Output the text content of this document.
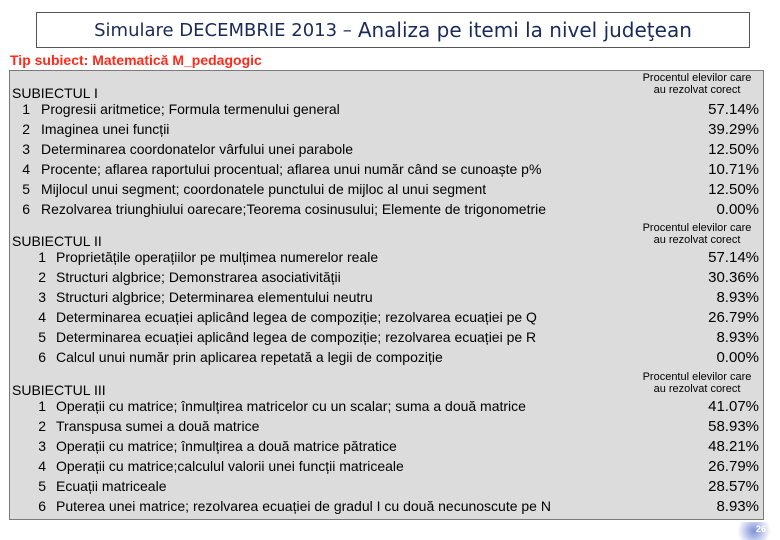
Simulare DECEMBRIE 2013 – Analiza pe itemi la nivel judeţean
Tip subiect: Matematică M_pedagogic
Procentul elevilor care
au rezolvat corect
SUBIECTUL I
1 Progresii aritmetice; Formula termenului general	57.14%
2 Imaginea unei funcții	39.29%
3 Determinarea coordonatelor vârfului unei parabole	12.50%
4 Procente; aflarea raportului procentual; aflarea unui număr când se cunoaște p%	10.71%
5 Mijlocul unui segment; coordonatele punctului de mijloc al unui segment	12.50%
6 Rezolvarea triunghiului oarecare;Teorema cosinusului; Elemente de trigonometrie	0.00%
Procentul elevilor care
au rezolvat corect
SUBIECTUL II
1 Proprietățile operațiilor pe mulțimea numerelor reale	57.14%
2 Structuri algbrice; Demonstrarea asociativității	30.36%
3 Structuri algbrice; Determinarea elementului neutru	8.93%
4 Determinarea ecuației aplicând legea de compoziție; rezolvarea ecuației pe Q	26.79%
5 Determinarea ecuației aplicând legea de compoziție; rezolvarea ecuației pe R	8.93%
6 Calcul unui număr prin aplicarea repetată a legii de compoziție	0.00%
Procentul elevilor care
au rezolvat corect
SUBIECTUL III
1 Operații cu matrice; înmulțirea matricelor cu un scalar; suma a două matrice	41.07%
2 Transpusa sumei a două matrice	58.93%
3 Operații cu matrice; înmulțirea a două matrice pătratice	48.21%
4 Operații cu matrice;calculul valorii unei funcții matriceale	26.79%
5 Ecuații matriceale	28.57%
6 Puterea unei matrice; rezolvarea ecuației de gradul I cu două necunoscute pe N	8.93%
26
